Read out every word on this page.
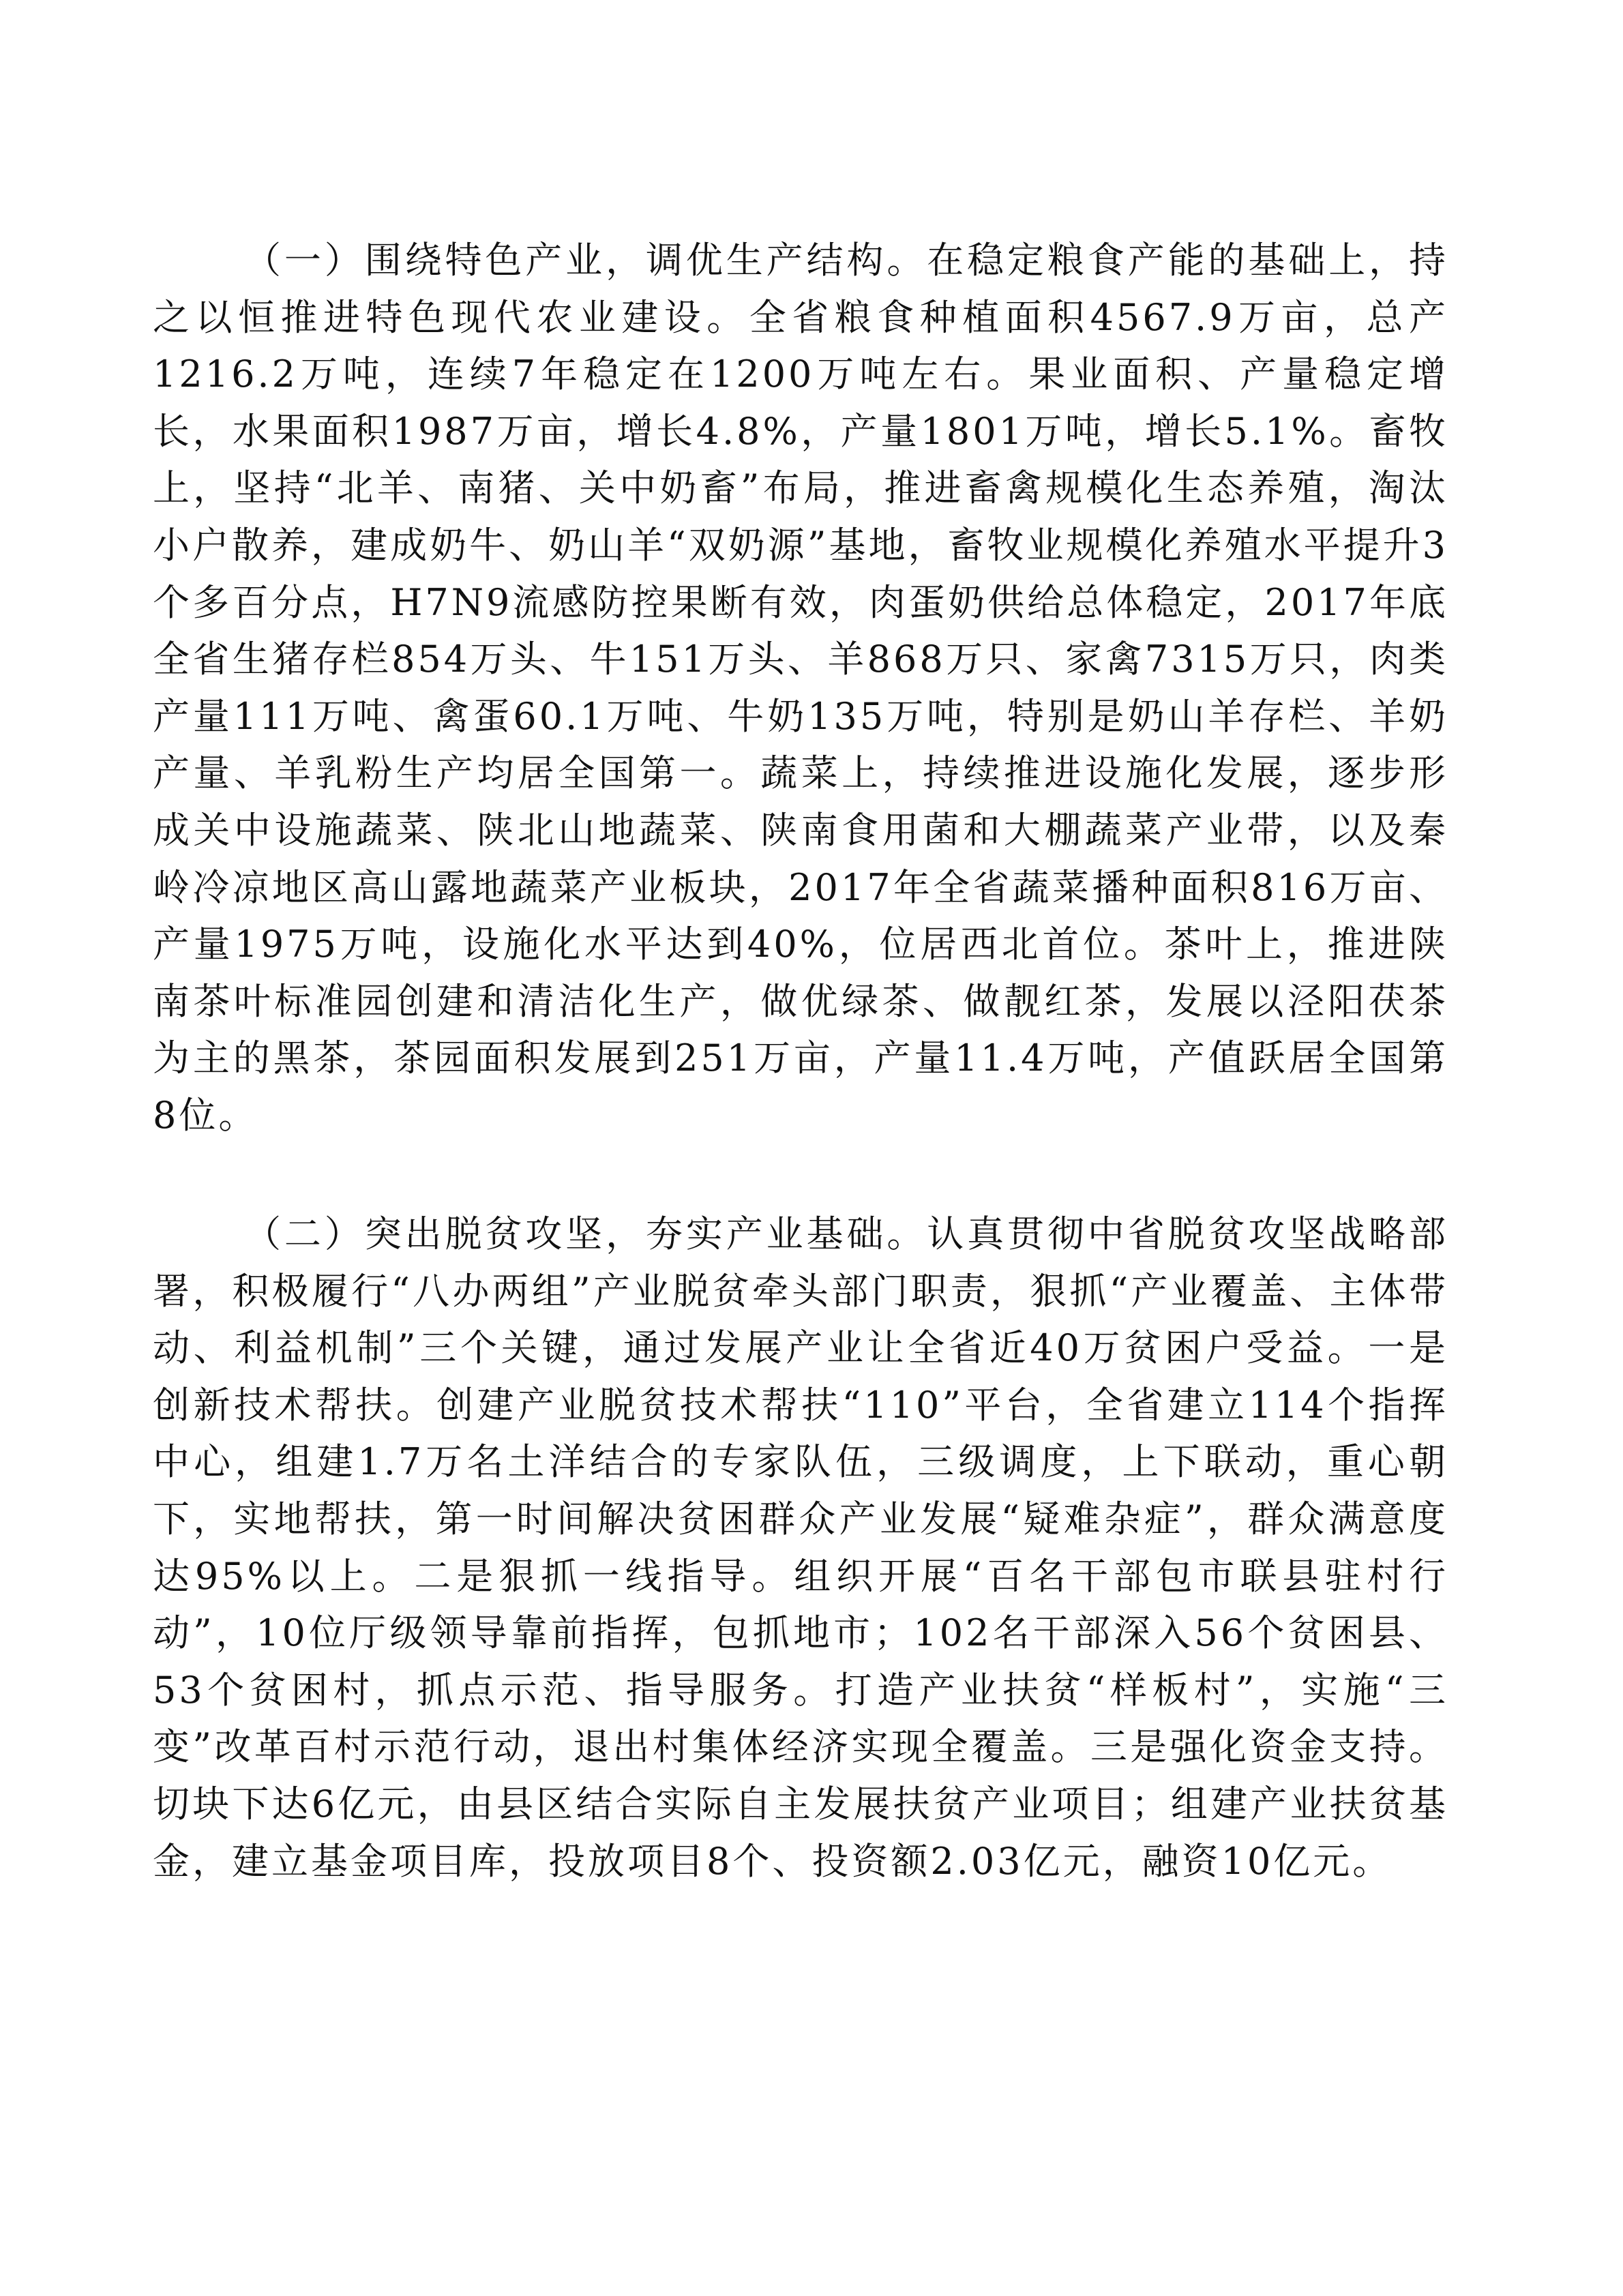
（一）围绕特色产业，调优生产结构。在稳定粮食产能的基础上，持之以恒推进特色现代农业建设。全省粮食种植面积4567.9万亩，总产1216.2万吨，连续7年稳定在1200万吨左右。果业面积、产量稳定增长，水果面积1987万亩，增长4.8%，产量1801万吨，增长5.1%。畜牧上，坚持“北羊、南猪、关中奶畜”布局，推进畜禽规模化生态养殖，淘汰小户散养，建成奶牛、奶山羊“双奶源”基地，畜牧业规模化养殖水平提升3个多百分点，H7N9流感防控果断有效，肉蛋奶供给总体稳定，2017年底全省生猪存栏854万头、牛151万头、羊868万只、家禽7315万只，肉类产量111万吨、禽蛋60.1万吨、牛奶135万吨，特别是奶山羊存栏、羊奶产量、羊乳粉生产均居全国第一。蔬菜上，持续推进设施化发展，逐步形成关中设施蔬菜、陕北山地蔬菜、陕南食用菌和大棚蔬菜产业带，以及秦岭冷凉地区高山露地蔬菜产业板块，2017年全省蔬菜播种面积816万亩、产量1975万吨，设施化水平达到40%，位居西北首位。茶叶上，推进陕南茶叶标准园创建和清洁化生产，做优绿茶、做靓红茶，发展以泾阳茯茶为主的黑茶，茶园面积发展到251万亩，产量11.4万吨，产值跃居全国第8位。

（二）突出脱贫攻坚，夯实产业基础。认真贯彻中省脱贫攻坚战略部署，积极履行“八办两组”产业脱贫牵头部门职责，狠抓“产业覆盖、主体带动、利益机制”三个关键，通过发展产业让全省近40万贫困户受益。一是创新技术帮扶。创建产业脱贫技术帮扶“110”平台，全省建立114个指挥中心，组建1.7万名土洋结合的专家队伍，三级调度，上下联动，重心朝下，实地帮扶，第一时间解决贫困群众产业发展“疑难杂症”，群众满意度达95%以上。二是狠抓一线指导。组织开展“百名干部包市联县驻村行动”，10位厅级领导靠前指挥，包抓地市；102名干部深入56个贫困县、53个贫困村，抓点示范、指导服务。打造产业扶贫“样板村”，实施“三变”改革百村示范行动，退出村集体经济实现全覆盖。三是强化资金支持。切块下达6亿元，由县区结合实际自主发展扶贫产业项目；组建产业扶贫基金，建立基金项目库，投放项目8个、投资额2.03亿元，融资10亿元。
